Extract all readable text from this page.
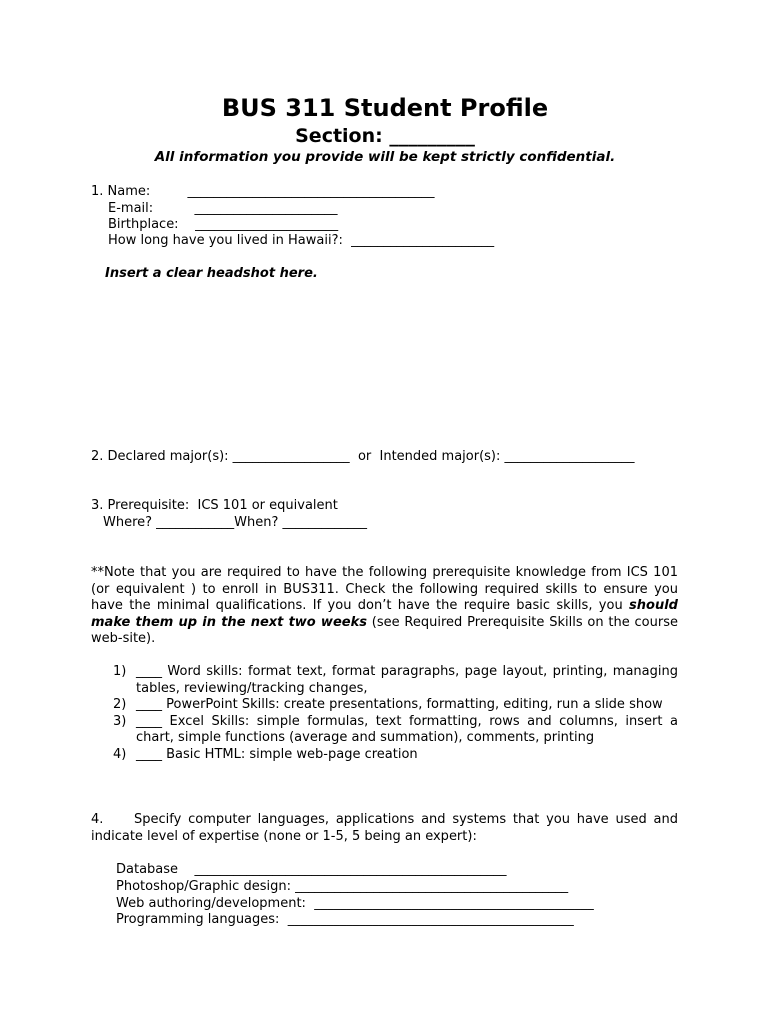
BUS 311 Student Profile
Section: _________
All information you provide will be kept strictly confidential.
1. Name:         ______________________________________
E-mail:          ______________________
Birthplace:    ______________________
How long have you lived in Hawaii?:  ______________________
Insert a clear headshot here.
2. Declared major(s): __________________  or  Intended major(s): ____________________
3. Prerequisite:  ICS 101 or equivalent
Where? ____________When? _____________
**Note that you are required to have the following prerequisite knowledge from ICS 101 (or equivalent ) to enroll in BUS311. Check the following required skills to ensure you have the minimal qualifications. If you don’t have the require basic skills, you should make them up in the next two weeks (see Required Prerequisite Skills on the course web-site).
1) ____ Word skills: format text, format paragraphs, page layout, printing, managing tables, reviewing/tracking changes,
2) ____ PowerPoint Skills: create presentations, formatting, editing, run a slide show
3) ____ Excel Skills: simple formulas, text formatting, rows and columns, insert a chart, simple functions (average and summation), comments, printing
4) ____ Basic HTML: simple web-page creation
4. Specify computer languages, applications and systems that you have used and indicate level of expertise (none or 1-5, 5 being an expert):
Database    ________________________________________________
Photoshop/Graphic design: __________________________________________
Web authoring/development:  ___________________________________________
Programming languages:  ____________________________________________
